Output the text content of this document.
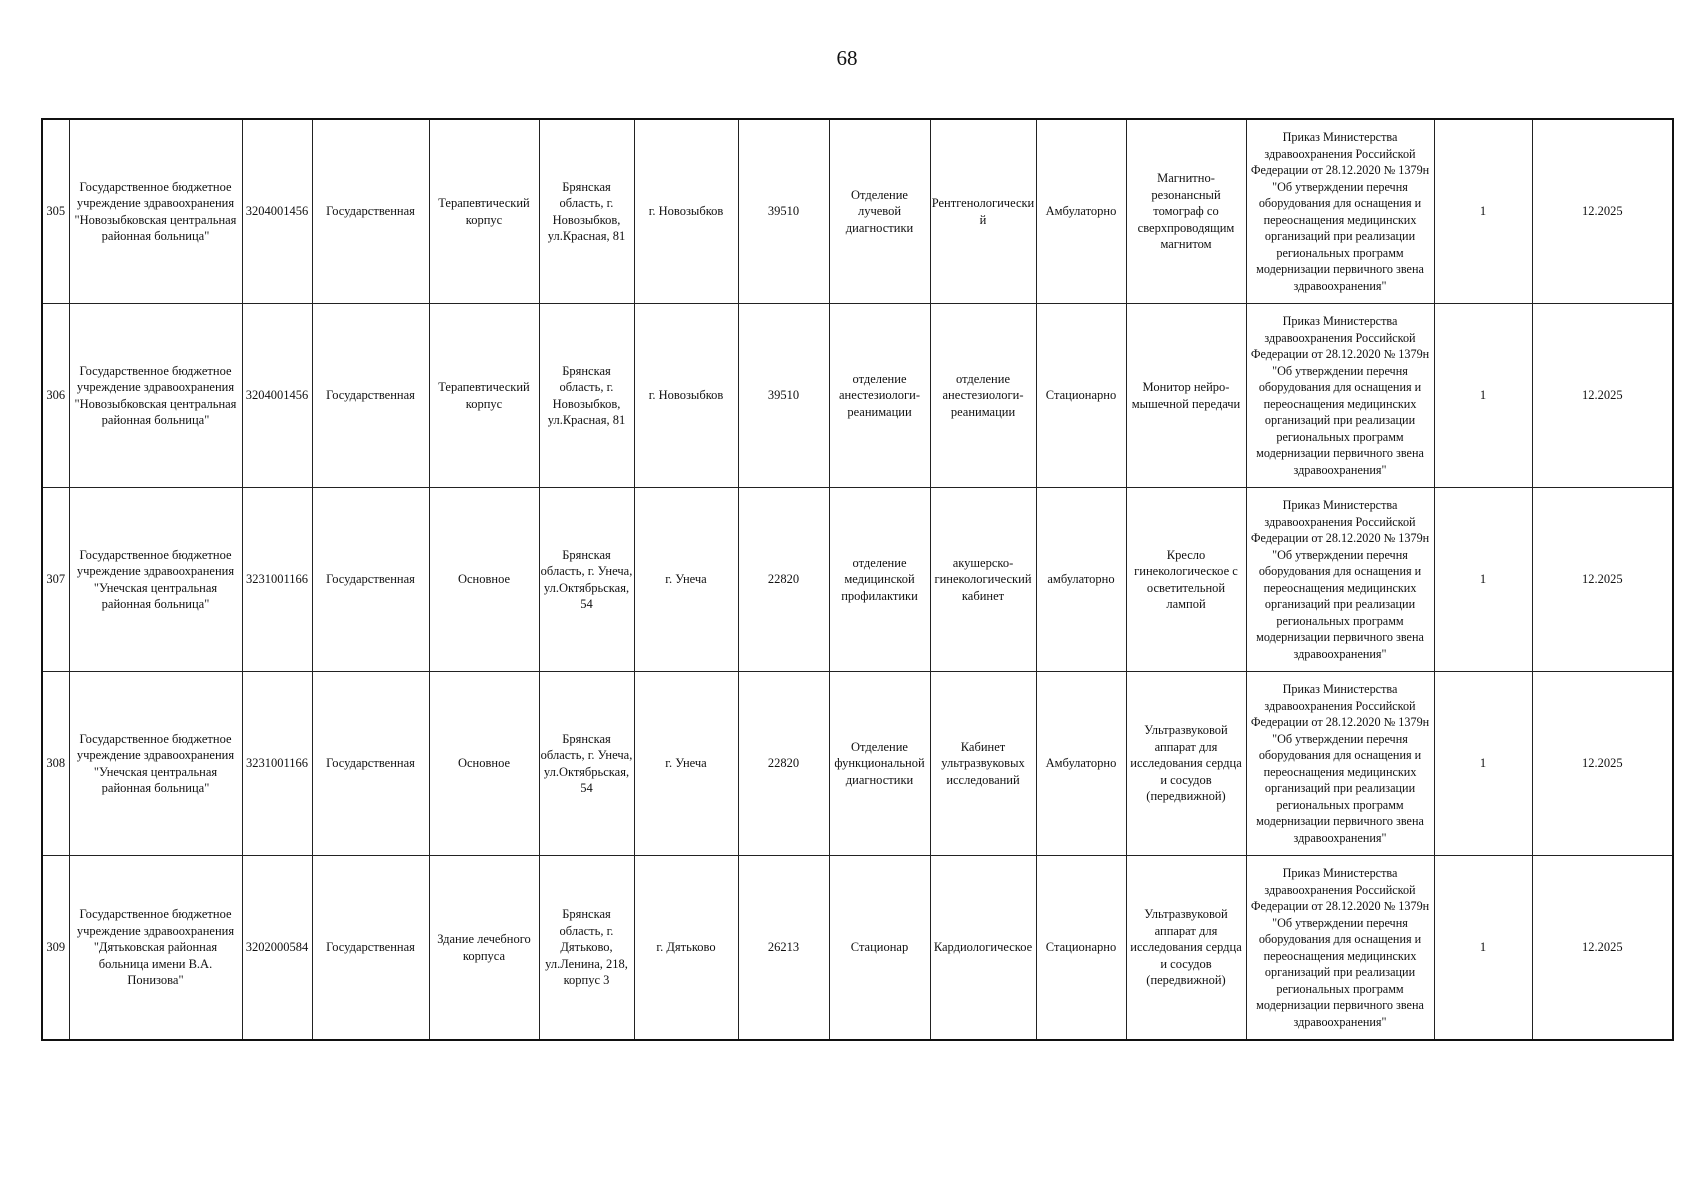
68
305	Государственное бюджетное учреждение здравоохранения "Новозыбковская центральная районная больница"	3204001456	Государственная	Терапевтический корпус	Брянская область, г. Новозыбков, ул.Красная, 81	г. Новозыбков	39510	Отделение лучевой диагностики	Рентгенологический	Амбулаторно	Магнитно-резонансный томограф со сверхпроводящим магнитом	Приказ Министерства здравоохранения Российской Федерации от 28.12.2020 № 1379н "Об утверждении перечня оборудования для оснащения и переоснащения медицинских организаций при реализации региональных программ модернизации первичного звена здравоохранения"	1	12.2025
306	Государственное бюджетное учреждение здравоохранения "Новозыбковская центральная районная больница"	3204001456	Государственная	Терапевтический корпус	Брянская область, г. Новозыбков, ул.Красная, 81	г. Новозыбков	39510	отделение анестезиологи-реанимации	отделение анестезиологи-реанимации	Стационарно	Монитор нейро-мышечной передачи	Приказ Министерства здравоохранения Российской Федерации от 28.12.2020 № 1379н "Об утверждении перечня оборудования для оснащения и переоснащения медицинских организаций при реализации региональных программ модернизации первичного звена здравоохранения"	1	12.2025
307	Государственное бюджетное учреждение здравоохранения "Унечская центральная районная больница"	3231001166	Государственная	Основное	Брянская область, г. Унеча, ул.Октябрьская, 54	г. Унеча	22820	отделение медицинской профилактики	акушерско-гинекологический кабинет	амбулаторно	Кресло гинекологическое с осветительной лампой	Приказ Министерства здравоохранения Российской Федерации от 28.12.2020 № 1379н "Об утверждении перечня оборудования для оснащения и переоснащения медицинских организаций при реализации региональных программ модернизации первичного звена здравоохранения"	1	12.2025
308	Государственное бюджетное учреждение здравоохранения "Унечская центральная районная больница"	3231001166	Государственная	Основное	Брянская область, г. Унеча, ул.Октябрьская, 54	г. Унеча	22820	Отделение функциональной диагностики	Кабинет ультразвуковых исследований	Амбулаторно	Ультразвуковой аппарат для исследования сердца и сосудов (передвижной)	Приказ Министерства здравоохранения Российской Федерации от 28.12.2020 № 1379н "Об утверждении перечня оборудования для оснащения и переоснащения медицинских организаций при реализации региональных программ модернизации первичного звена здравоохранения"	1	12.2025
309	Государственное бюджетное учреждение здравоохранения "Дятьковская районная больница имени В.А. Понизова"	3202000584	Государственная	Здание лечебного корпуса	Брянская область, г. Дятьково, ул.Ленина, 218, корпус 3	г. Дятьково	26213	Стационар	Кардиологическое	Стационарно	Ультразвуковой аппарат для исследования сердца и сосудов (передвижной)	Приказ Министерства здравоохранения Российской Федерации от 28.12.2020 № 1379н "Об утверждении перечня оборудования для оснащения и переоснащения медицинских организаций при реализации региональных программ модернизации первичного звена здравоохранения"	1	12.2025
